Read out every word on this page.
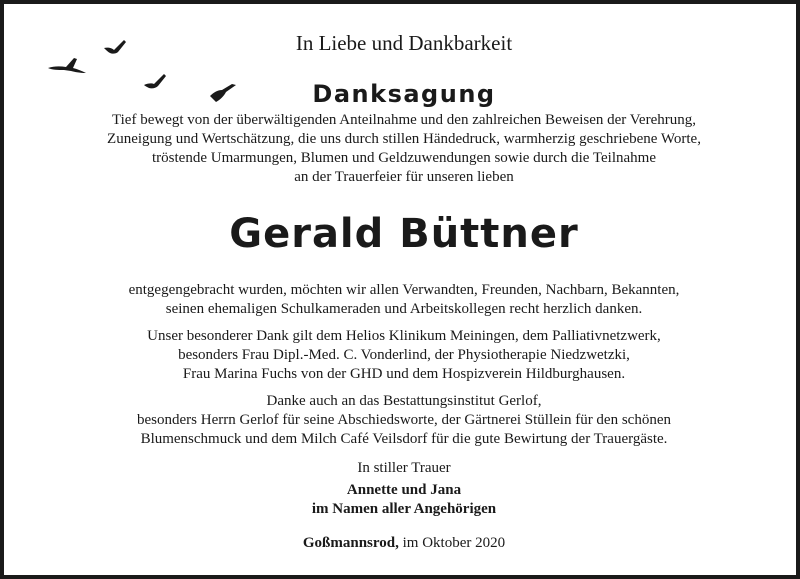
In Liebe und Dankbarkeit
Danksagung
Tief bewegt von der überwältigenden Anteilnahme und den zahlreichen Beweisen der Verehrung,
Zuneigung und Wertschätzung, die uns durch stillen Händedruck, warmherzig geschriebene Worte,
tröstende Umarmungen, Blumen und Geldzuwendungen sowie durch die Teilnahme
an der Trauerfeier für unseren lieben
Gerald Büttner
entgegengebracht wurden, möchten wir allen Verwandten, Freunden, Nachbarn, Bekannten,
seinen ehemaligen Schulkameraden und Arbeitskollegen recht herzlich danken.
Unser besonderer Dank gilt dem Helios Klinikum Meiningen, dem Palliativnetzwerk,
besonders Frau Dipl.-Med. C. Vonderlind, der Physiotherapie Niedzwetzki,
Frau Marina Fuchs von der GHD und dem Hospizverein Hildburghausen.
Danke auch an das Bestattungsinstitut Gerlof,
besonders Herrn Gerlof für seine Abschiedsworte, der Gärtnerei Stüllein für den schönen
Blumenschmuck und dem Milch Café Veilsdorf für die gute Bewirtung der Trauergäste.
In stiller Trauer
Annette und Jana
im Namen aller Angehörigen
Goßmannsrod, im Oktober 2020
